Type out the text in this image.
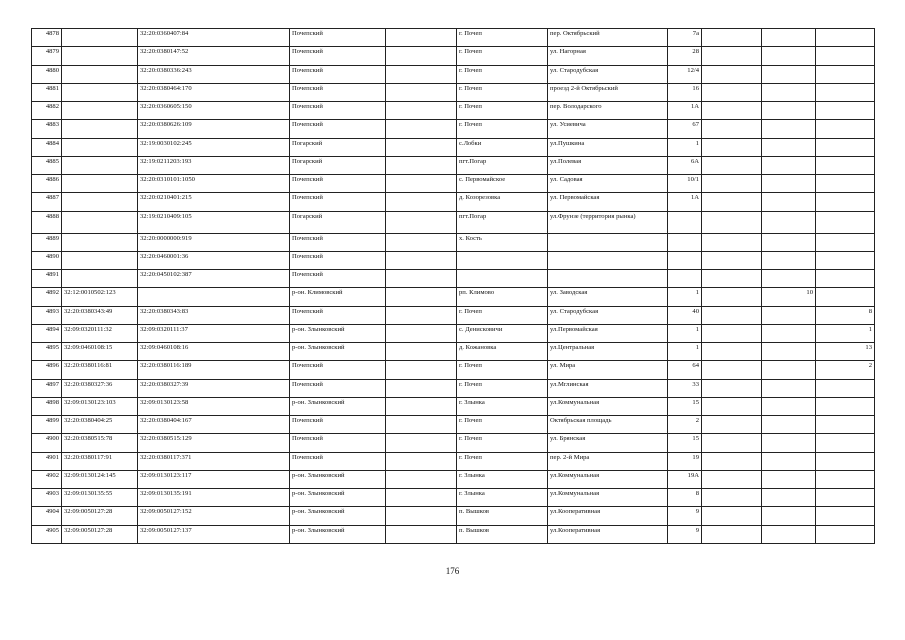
4878		32:20:0360407:84	Почепский		г. Почеп	пер. Октябрьский	7а			
4879		32:20:0380147:52	Почепский		г. Почеп	ул. Нагорная	28			
4880		32:20:0380336:243	Почепский		г. Почеп	ул. Стародубская	12/4			
4881		32:20:0380464:170	Почепский		г. Почеп	проезд 2-й Октябрьский	16			
4882		32:20:0360605:150	Почепский		г. Почеп	пер. Володарского	1А			
4883		32:20:0380626:109	Почепский		г. Почеп	ул. Усиевича	67			
4884		32:19:0030102:245	Погарский		с.Лобки	ул.Пушкина	1			
4885		32:19:0211203:193	Погарский		пгт.Погар	ул.Полевая	6А			
4886		32:20:0310101:1050	Почепский		с. Первомайское	ул. Садовая	10/1			
4887		32:20:0210401:215	Почепский		д. Козорезовка	ул. Первомайская	1А			
4888		32:19:0210409:105	Погарский		пгт.Погар	ул.Фрунзе (территория рынка)				
4889		32:20:0000000:919	Почепский		х. Кость					
4890		32:20:0460001:36	Почепский							
4891		32:20:0450102:387	Почепский							
4892	32:12:0010502:123		р-он. Климовский		рп. Климово	ул. Заводская	1		10	
4893	32:20:0380343:49	32:20:0380343:83	Почепский		г. Почеп	ул. Стародубская	40			8
4894	32:09:0320111:32	32:09:0320111:37	р-он. Злынковский		с. Денисковичи	ул.Первомайская	1			1
4895	32:09:0460108:15	32:09:0460108:16	р-он. Злынковский		д. Кожановка	ул.Центральная	1			13
4896	32:20:0380116:81	32:20:0380116:189	Почепский		г. Почеп	ул. Мира	64			2
4897	32:20:0380327:36	32:20:0380327:39	Почепский		г. Почеп	ул.Мглинская	33			
4898	32:09:0130123:103	32:09:0130123:58	р-он. Злынковский		г. Злынка	ул.Коммунальная	15			
4899	32:20:0380404:25	32:20:0380404:167	Почепский		г. Почеп	Октябрьская площадь	2			
4900	32:20:0380515:78	32:20:0380515:129	Почепский		г. Почеп	ул. Брянская	15			
4901	32:20:0380117:91	32:20:0380117:371	Почепский		г. Почеп	пер. 2-й Мира	19			
4902	32:09:0130124:145	32:09:0130123:117	р-он. Злынковский		г. Злынка	ул.Коммунальная	19А			
4903	32:09:0130135:55	32:09:0130135:191	р-он. Злынковский		г. Злынка	ул.Коммунальная	8			
4904	32:09:0050127:28	32:09:0050127:152	р-он. Злынковский		п. Вышков	ул.Кооперативная	9			
4905	32:09:0050127:28	32:09:0050127:137	р-он. Злынковский		п. Вышков	ул.Кооперативная	9			
176
